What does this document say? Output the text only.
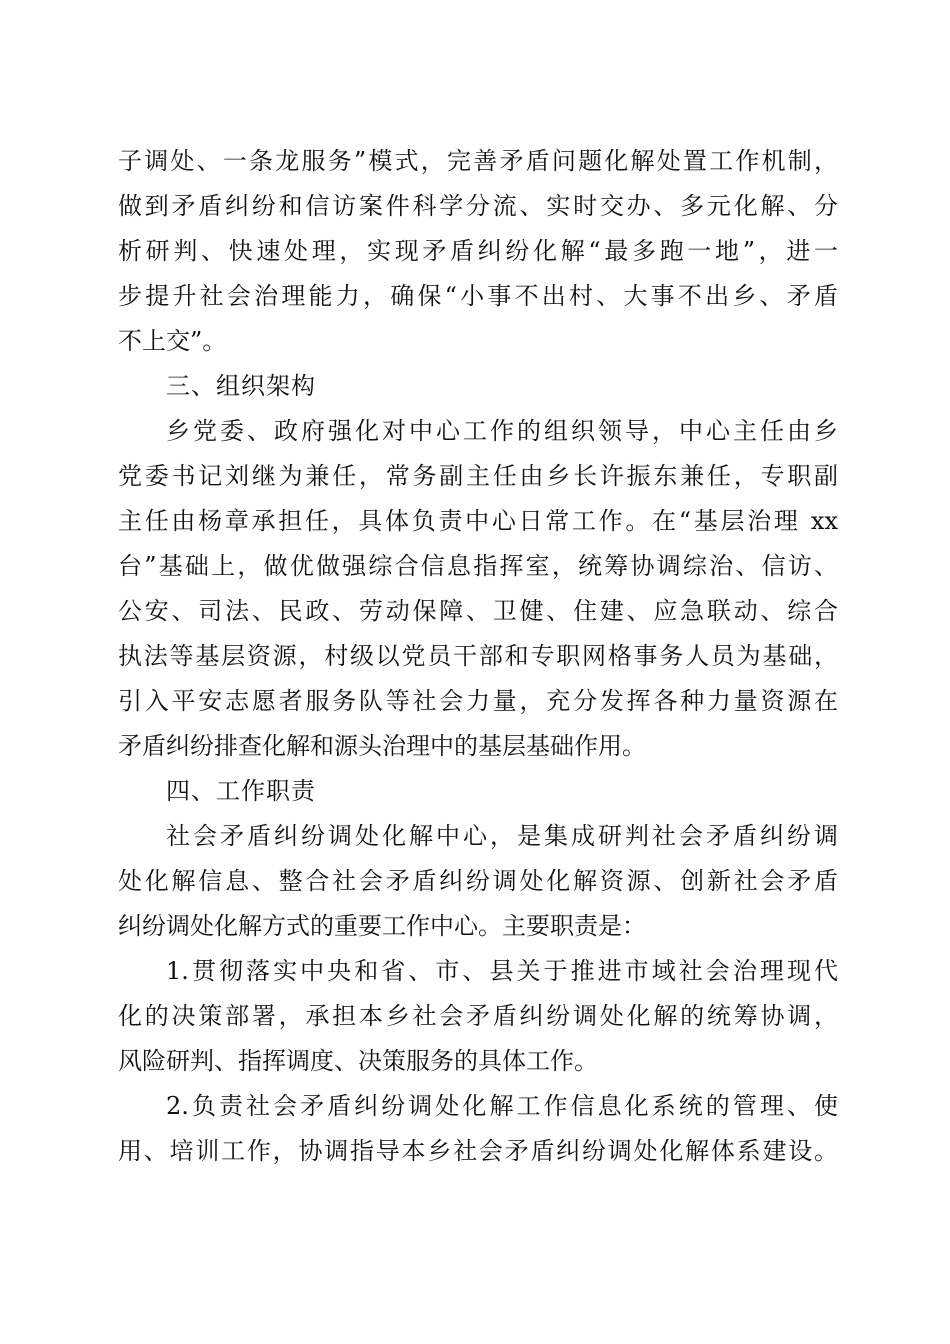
子调处、一条龙服务”模式，完善矛盾问题化解处置工作机制，
做到矛盾纠纷和信访案件科学分流、实时交办、多元化解、分
析研判、快速处理，实现矛盾纠纷化解“最多跑一地”，进一
步提升社会治理能力，确保“小事不出村、大事不出乡、矛盾
不上交”。
三、组织架构
乡党委、政府强化对中心工作的组织领导，中心主任由乡
党委书记刘继为兼任，常务副主任由乡长许振东兼任，专职副
主任由杨章承担任，具体负责中心日常工作。在“基层治理 xx
台”基础上，做优做强综合信息指挥室，统筹协调综治、信访、
公安、司法、民政、劳动保障、卫健、住建、应急联动、综合
执法等基层资源，村级以党员干部和专职网格事务人员为基础，
引入平安志愿者服务队等社会力量，充分发挥各种力量资源在
矛盾纠纷排查化解和源头治理中的基层基础作用。
四、工作职责
社会矛盾纠纷调处化解中心，是集成研判社会矛盾纠纷调
处化解信息、整合社会矛盾纠纷调处化解资源、创新社会矛盾
纠纷调处化解方式的重要工作中心。主要职责是：
1.贯彻落实中央和省、市、县关于推进市域社会治理现代
化的决策部署，承担本乡社会矛盾纠纷调处化解的统筹协调，
风险研判、指挥调度、决策服务的具体工作。
2.负责社会矛盾纠纷调处化解工作信息化系统的管理、使
用、培训工作，协调指导本乡社会矛盾纠纷调处化解体系建设。
